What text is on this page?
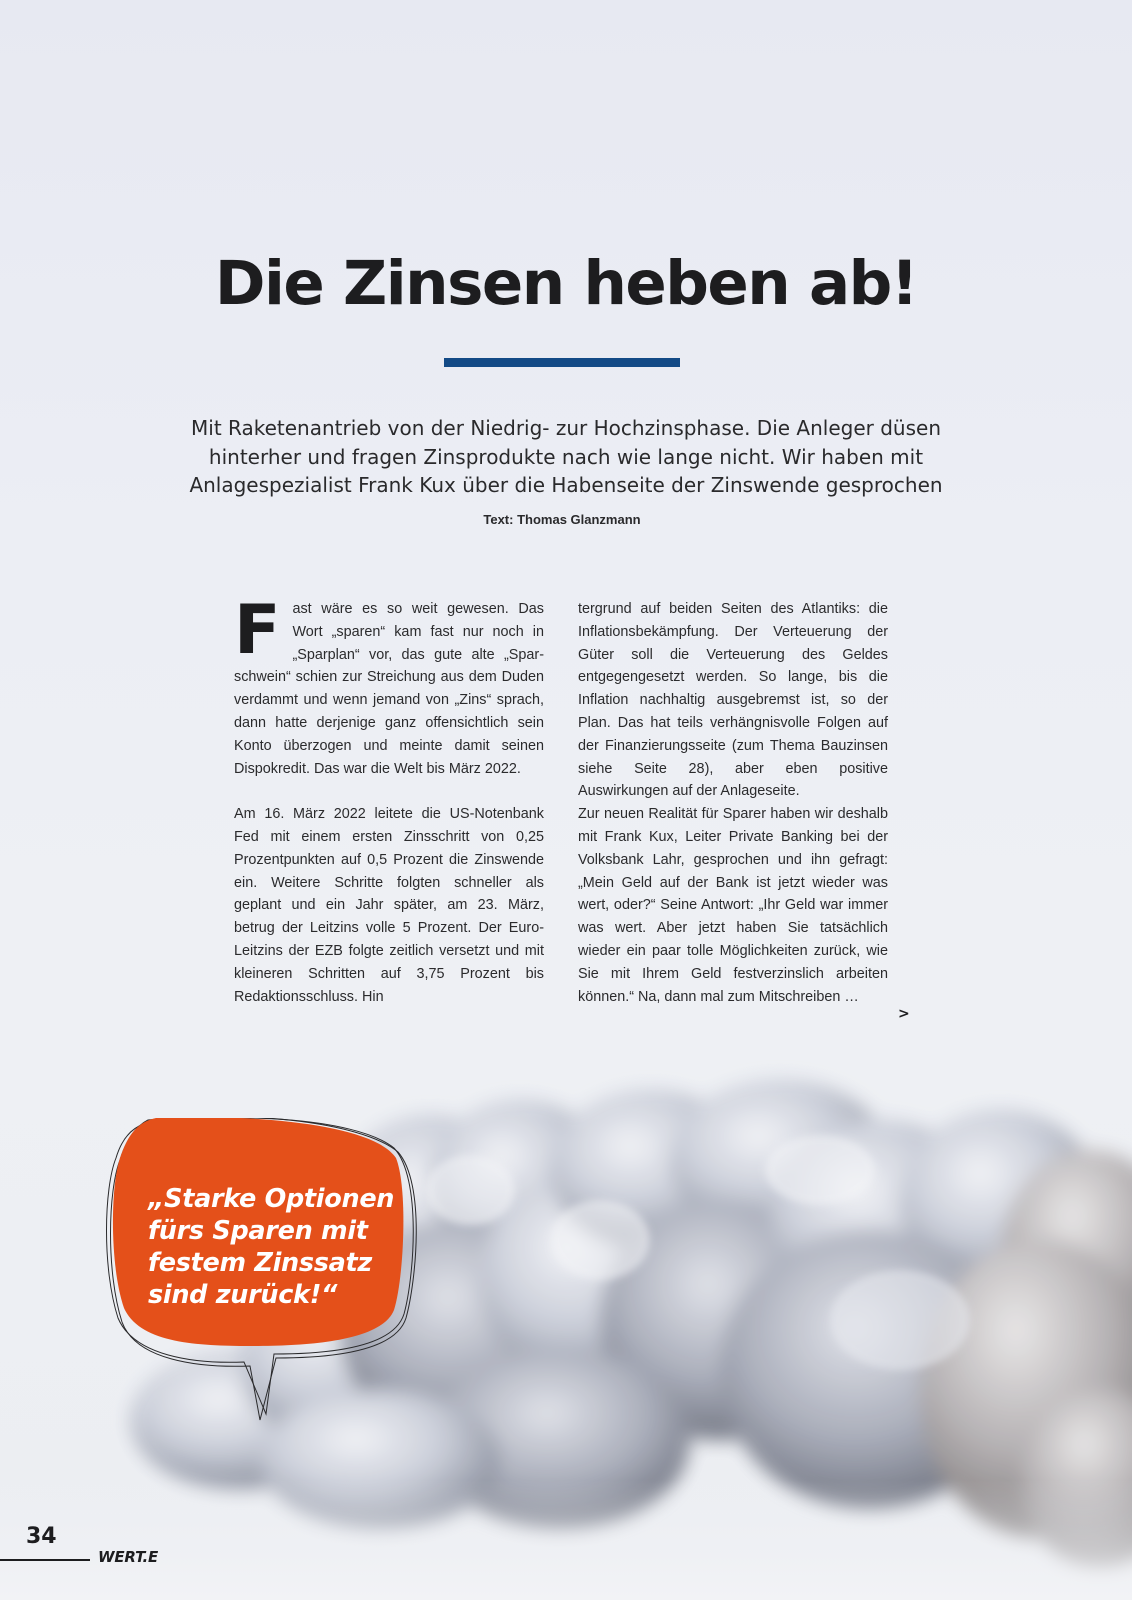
Die Zinsen heben ab!

Mit Raketenantrieb von der Niedrig- zur Hochzinsphase. Die Anleger düsen hinterher und fragen Zinsprodukte nach wie lange nicht. Wir haben mit Anlagespezialist Frank Kux über die Habenseite der Zinswende gesprochen

Text: Thomas Glanzmann

Fast wäre es so weit gewesen. Das Wort „sparen“ kam fast nur noch in „Sparplan“ vor, das gute alte „Sparschwein“ schien zur Streichung aus dem Duden verdammt und wenn jemand von „Zins“ sprach, dann hatte derjenige ganz offensichtlich sein Konto überzogen und meinte damit seinen Dispokredit. Das war die Welt bis März 2022.

Am 16. März 2022 leitete die US-Notenbank Fed mit einem ersten Zinsschritt von 0,25 Prozentpunkten auf 0,5 Prozent die Zinswende ein. Weitere Schritte folgten schneller als geplant und ein Jahr später, am 23. März, betrug der Leitzins volle 5 Prozent. Der Euro-Leitzins der EZB folgte zeitlich versetzt und mit kleineren Schritten auf 3,75 Prozent bis Redaktionsschluss. Hin

tergrund auf beiden Seiten des Atlantiks: die Inflationsbekämpfung. Der Verteuerung der Güter soll die Verteuerung des Geldes entgegengesetzt werden. So lange, bis die Inflation nachhaltig ausgebremst ist, so der Plan. Das hat teils verhängnisvolle Folgen auf der Finanzierungsseite (zum Thema Bauzinsen siehe Seite 28), aber eben positive Auswirkungen auf der Anlageseite.

Zur neuen Realität für Sparer haben wir deshalb mit Frank Kux, Leiter Private Banking bei der Volksbank Lahr, gesprochen und ihn gefragt: „Mein Geld auf der Bank ist jetzt wieder was wert, oder?“ Seine Antwort: „Ihr Geld war immer was wert. Aber jetzt haben Sie tatsächlich wieder ein paar tolle Möglichkeiten zurück, wie Sie mit Ihrem Geld festverzinslich arbeiten können.“ Na, dann mal zum Mitschreiben …

>
„Starke Optionen fürs Sparen mit festem Zinssatz sind zurück!“
34
WERT.E
